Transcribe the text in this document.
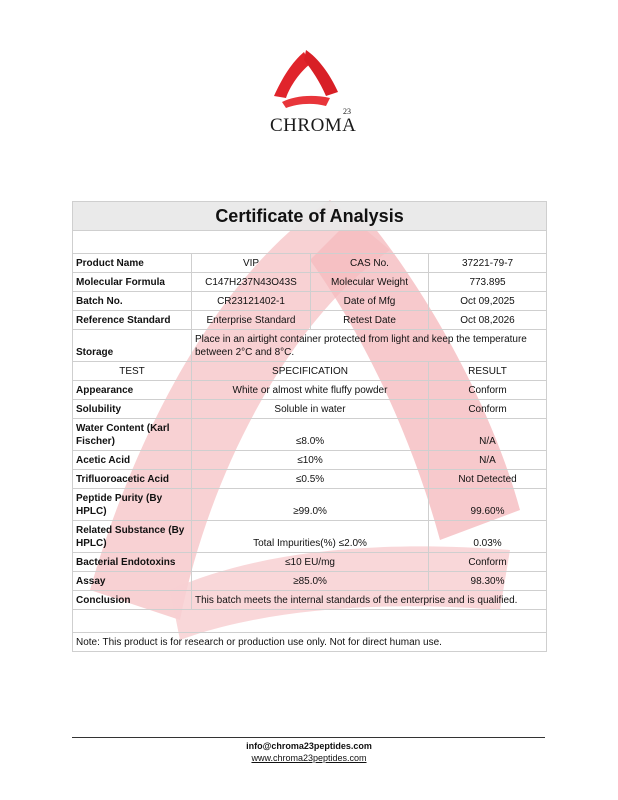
CHROMA
23
Certificate of Analysis			

Product Name	VIP	CAS No.	37221-79-7
Molecular Formula	C147H237N43O43S	Molecular Weight	773.895
Batch No.	CR23121402-1	Date of Mfg	Oct 09,2025
Reference Standard	Enterprise Standard	Retest Date	Oct 08,2026
Storage	Place in an airtight container protected from light and keep the temperature between 2°C and 8°C.		
TEST	SPECIFICATION		RESULT
Appearance	White or almost white fluffy powder		Conform
Solubility	Soluble in water		Conform
Water Content (Karl Fischer)	≤8.0%		N/A
Acetic Acid	≤10%		N/A
Trifluoroacetic Acid	≤0.5%		Not Detected
Peptide Purity (By HPLC)	≥99.0%		99.60%
Related Substance (By HPLC)	Total Impurities(%) ≤2.0%		0.03%
Bacterial Endotoxins	≤10 EU/mg		Conform
Assay	≥85.0%		98.30%
Conclusion	This batch meets the internal standards of the enterprise and is qualified.		

Note: This product is for research or production use only. Not for direct human use.			
info@chroma23peptides.com
www.chroma23peptides.com
